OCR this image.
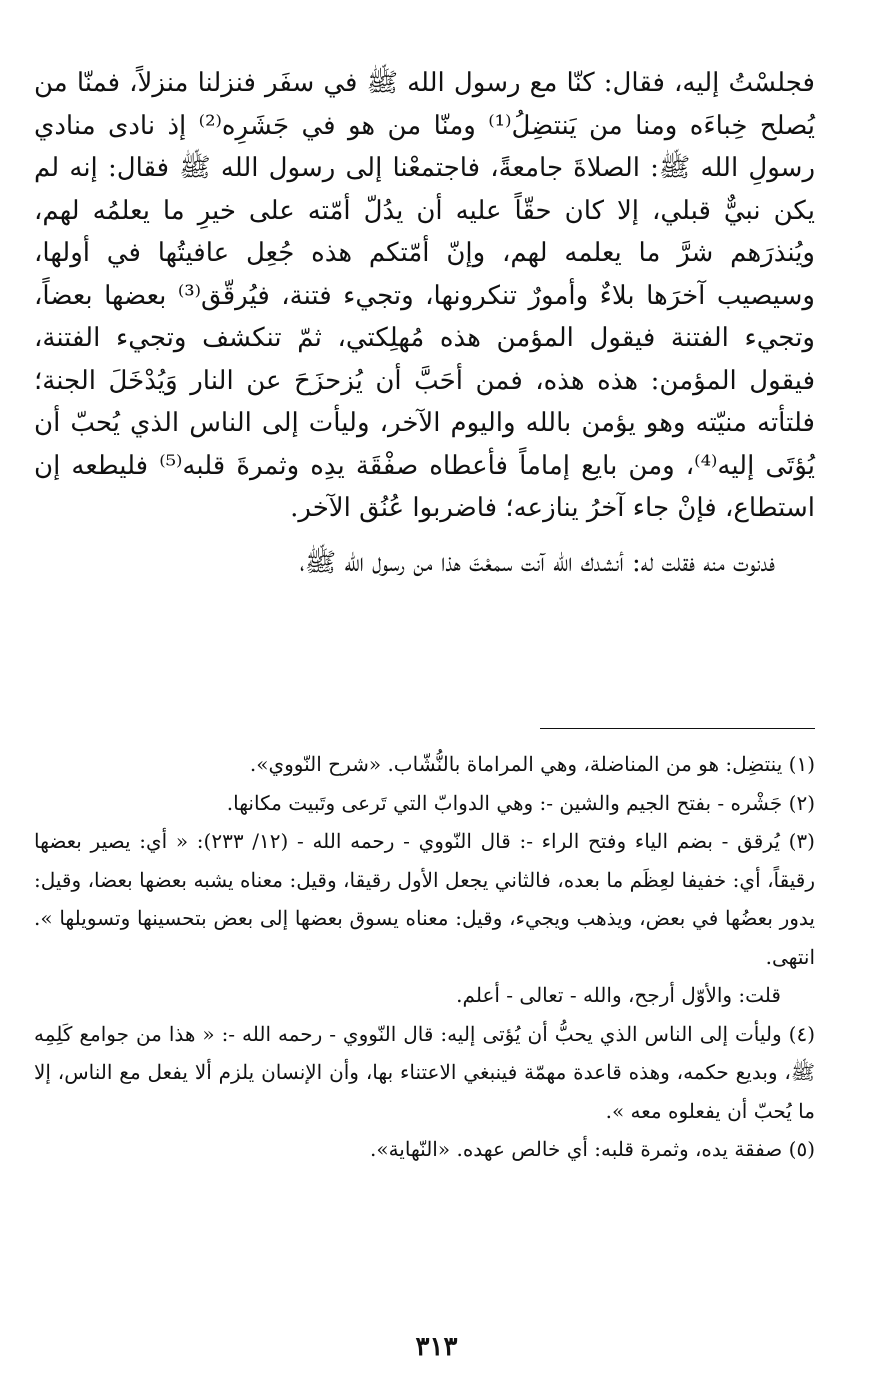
فجلسْتُ إليه، فقال: كنّا مع رسول الله ﷺ في سفَر فنزلنا منزلاً، فمنّا من يُصلح خِباءَه ومنا من يَنتضِلُ⁽¹⁾ ومنّا من هو في جَشَرِه⁽²⁾ إذ نادى منادي رسولِ الله ﷺ: الصلاةَ جامعةً، فاجتمعْنا إلى رسول الله ﷺ فقال: إنه لم يكن نبيٌّ قبلي، إلا كان حقّاً عليه أن يدُلّ أمّته على خيرِ ما يعلمُه لهم، ويُنذرَهم شرَّ ما يعلمه لهم، وإنّ أمّتكم هذه جُعِل عافيتُها في أولها، وسيصيب آخرَها بلاءٌ وأمورٌ تنكرونها، وتجيء فتنة، فيُرقّق⁽³⁾ بعضها بعضاً، وتجيء الفتنة فيقول المؤمن هذه مُهلِكتي، ثمّ تنكشف وتجيء الفتنة، فيقول المؤمن: هذه هذه، فمن أحَبَّ أن يُزحزَحَ عن النار وَيُدْخَلَ الجنة؛ فلتأته منيّته وهو يؤمن بالله واليوم الآخر، وليأت إلى الناس الذي يُحبّ أن يُؤتَى إليه⁽⁴⁾، ومن بايع إماماً فأعطاه صفْقَة يدِه وثمرةَ قلبه⁽⁵⁾ فليطعه إن استطاع، فإنْ جاء آخرُ ينازعه؛ فاضربوا عُنُق الآخر.

فدنوت منه فقلت له: أنشدك الله آنت سمعْتَ هذا من رسول الله ﷺ،

(١) ينتضِل: هو من المناضلة، وهي المراماة بالنُّشّاب. «شرح النّووي».

(٢) جَشْره - بفتح الجيم والشين -: وهي الدوابّ التي تَرعى وتَبيت مكانها.

(٣) يُرقق - بضم الياء وفتح الراء -: قال النّووي - رحمه الله - (١٢/ ٢٣٣): « أي: يصير بعضها رقيقاً، أي: خفيفا لعِظَم ما بعده، فالثاني يجعل الأول رقيقا، وقيل: معناه يشبه بعضها بعضا، وقيل: يدور بعضُها في بعض، ويذهب ويجيء، وقيل: معناه يسوق بعضها إلى بعض بتحسينها وتسويلها ». انتهى.

قلت: والأوّل أرجح، والله - تعالى - أعلم.

(٤) وليأت إلى الناس الذي يحبُّ أن يُؤتى إليه: قال النّووي - رحمه الله -: « هذا من جوامع كَلِمِه ﷺ، وبديع حكمه، وهذه قاعدة مهمّة فينبغي الاعتناء بها، وأن الإنسان يلزم ألا يفعل مع الناس، إلا ما يُحبّ أن يفعلوه معه ».

(٥) صفقة يده، وثمرة قلبه: أي خالص عهده. «النّهاية».

٣١٣
